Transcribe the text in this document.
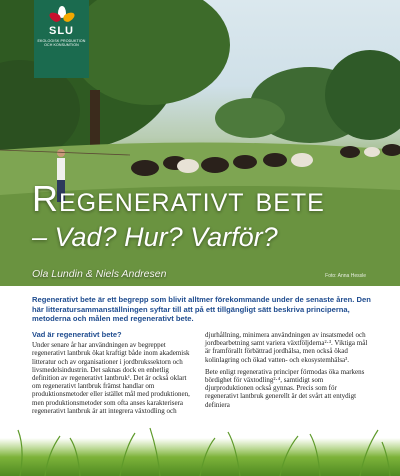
SLU
EKOLOGISK PRODUKTION OCH KONSUMTION
Regenerativt bete
– Vad? Hur? Varför?
Ola Lundin & Niels Andresen	Foto: Anna Hessle
Regenerativt bete är ett begrepp som blivit alltmer förekommande under de senaste åren. Den här litteratursammanställningen syftar till att på ett tillgängligt sätt beskriva principerna, metoderna och målen med regenerativt bete.
Vad är regenerativt bete?

Under senare år har användningen av begreppet regenerativt lantbruk ökat kraftigt både inom akademisk litteratur och av organisationer i jordbrukssektorn och livsmedelsindustrin. Det saknas dock en enhetlig definition av regenerativt lantbruk¹. Det är också oklart om regenerativt lantbruk främst handlar om produktionsmetoder eller istället mål med produktionen, men produktionsmetoder som ofta anses karakterisera regenerativt lantbruk är att integrera växtodling och

djurhållning, minimera användningen av insatsmedel och jordbearbetning samt variera växtföljderna²·³. Viktiga mål är framförallt förbättrad jordhälsa, men också ökad kolinlagring och ökad vatten- och ekosystemhälsa³.

Bete enligt regenerativa principer förmodas öka markens bördighet för växtodling²·⁴, samtidigt som djurproduktionen också gynnas. Precis som för regenerativt lantbruk generellt är det svårt att entydigt definiera
